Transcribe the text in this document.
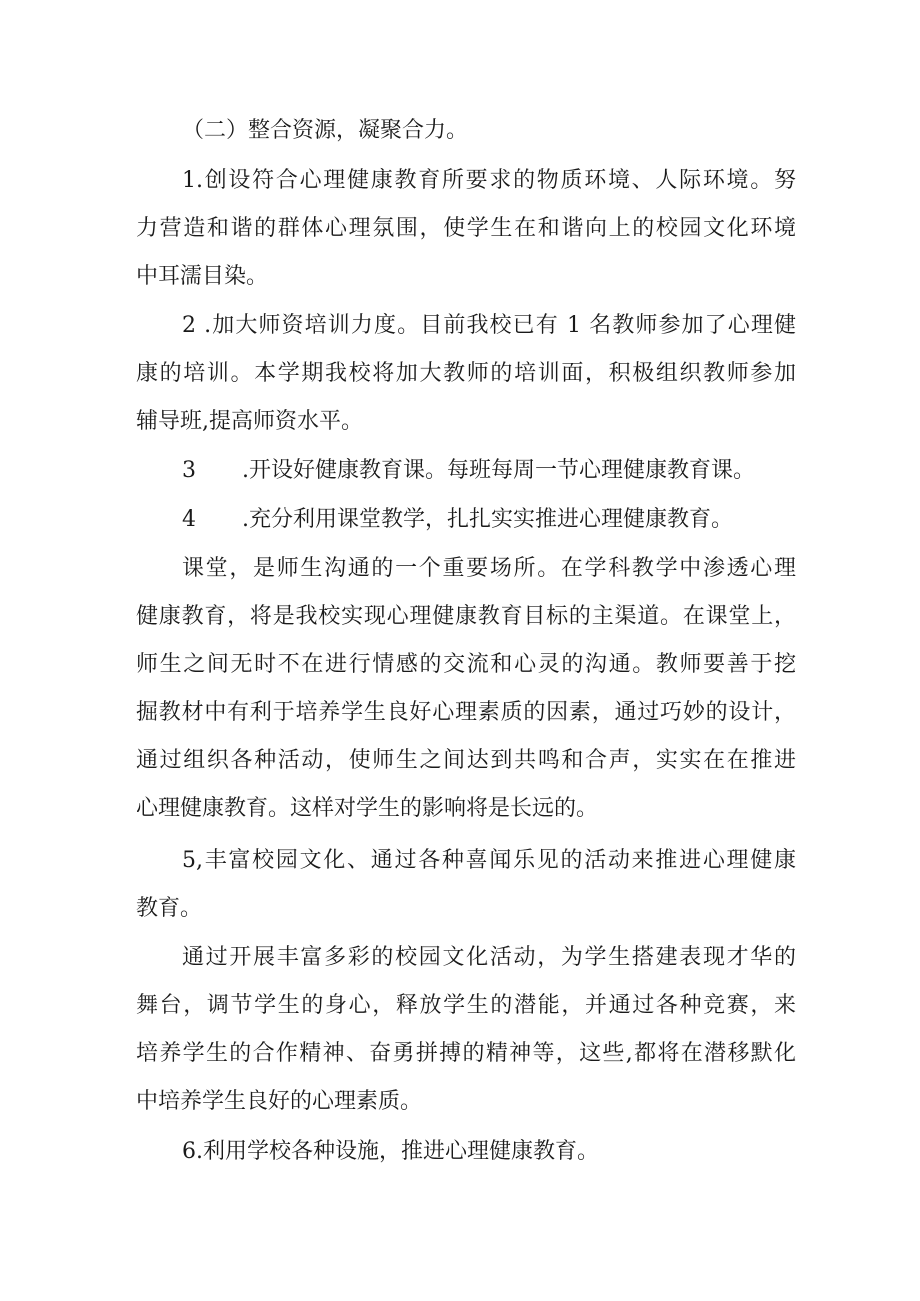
（二）整合资源，凝聚合力。
1.创设符合心理健康教育所要求的物质环境、人际环境。努
力营造和谐的群体心理氛围，使学生在和谐向上的校园文化环境
中耳濡目染。
2 .加大师资培训力度。目前我校已有 1 名教师参加了心理健
康的培训。本学期我校将加大教师的培训面，积极组织教师参加
辅导班,提高师资水平。
3 .开设好健康教育课。每班每周一节心理健康教育课。
4 .充分利用课堂教学，扎扎实实推进心理健康教育。
课堂，是师生沟通的一个重要场所。在学科教学中渗透心理
健康教育，将是我校实现心理健康教育目标的主渠道。在课堂上，
师生之间无时不在进行情感的交流和心灵的沟通。教师要善于挖
掘教材中有利于培养学生良好心理素质的因素，通过巧妙的设计，
通过组织各种活动，使师生之间达到共鸣和合声，实实在在推进
心理健康教育。这样对学生的影响将是长远的。
5,丰富校园文化、通过各种喜闻乐见的活动来推进心理健康
教育。
通过开展丰富多彩的校园文化活动，为学生搭建表现才华的
舞台，调节学生的身心，释放学生的潜能，并通过各种竞赛，来
培养学生的合作精神、奋勇拼搏的精神等，这些,都将在潜移默化
中培养学生良好的心理素质。
6.利用学校各种设施，推进心理健康教育。
